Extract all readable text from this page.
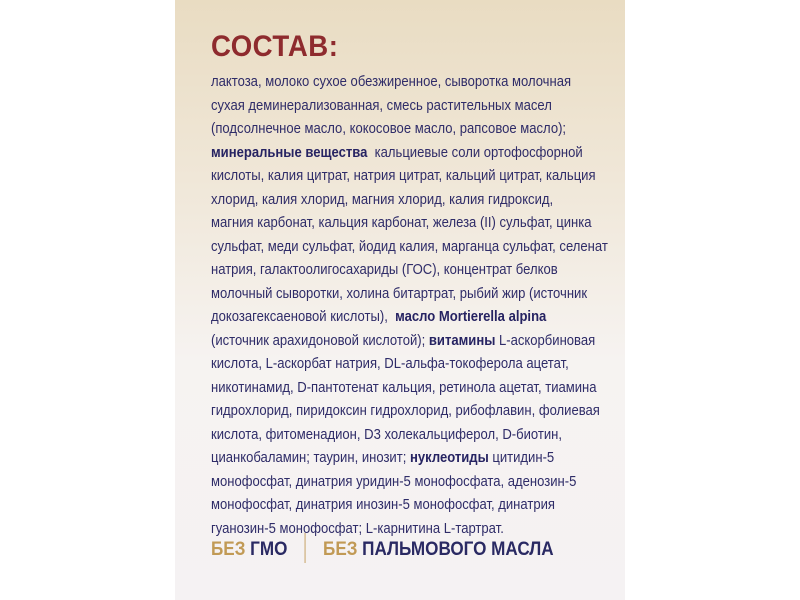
СОСТАВ:
лактоза, молоко сухое обезжиренное, сыворотка молочная
сухая деминерализованная, смесь растительных масел
(подсолнечное масло, кокосовое масло, рапсовое масло);
минеральные вещества  кальциевые соли ортофосфорной
кислоты, калия цитрат, натрия цитрат, кальций цитрат, кальция
хлорид, калия хлорид, магния хлорид, калия гидроксид,
магния карбонат, кальция карбонат, железа (II) сульфат, цинка
сульфат, меди сульфат, йодид калия, марганца сульфат, селенат
натрия, галактоолигосахариды (ГОС), концентрат белков
молочный сыворотки, холина битартрат, рыбий жир (источник
докозагексаеновой кислоты),  масло Mortierella alpina
(источник арахидоновой кислотой); витамины L-аскорбиновая
кислота, L-аскорбат натрия, DL-альфа-токоферола ацетат,
никотинамид, D-пантотенат кальция, ретинола ацетат, тиамина
гидрохлорид, пиридоксин гидрохлорид, рибофлавин, фолиевая
кислота, фитоменадион, D3 холекальциферол, D-биотин,
цианкобаламин; таурин, инозит; нуклеотиды цитидин-5
монофосфат, динатрия уридин-5 монофосфата, аденозин-5
монофосфат, динатрия инозин-5 монофосфат, динатрия
гуанозин-5 монофосфат; L-карнитина L-тартрат.
БЕЗ ГМО БЕЗ ПАЛЬМОВОГО МАСЛА
